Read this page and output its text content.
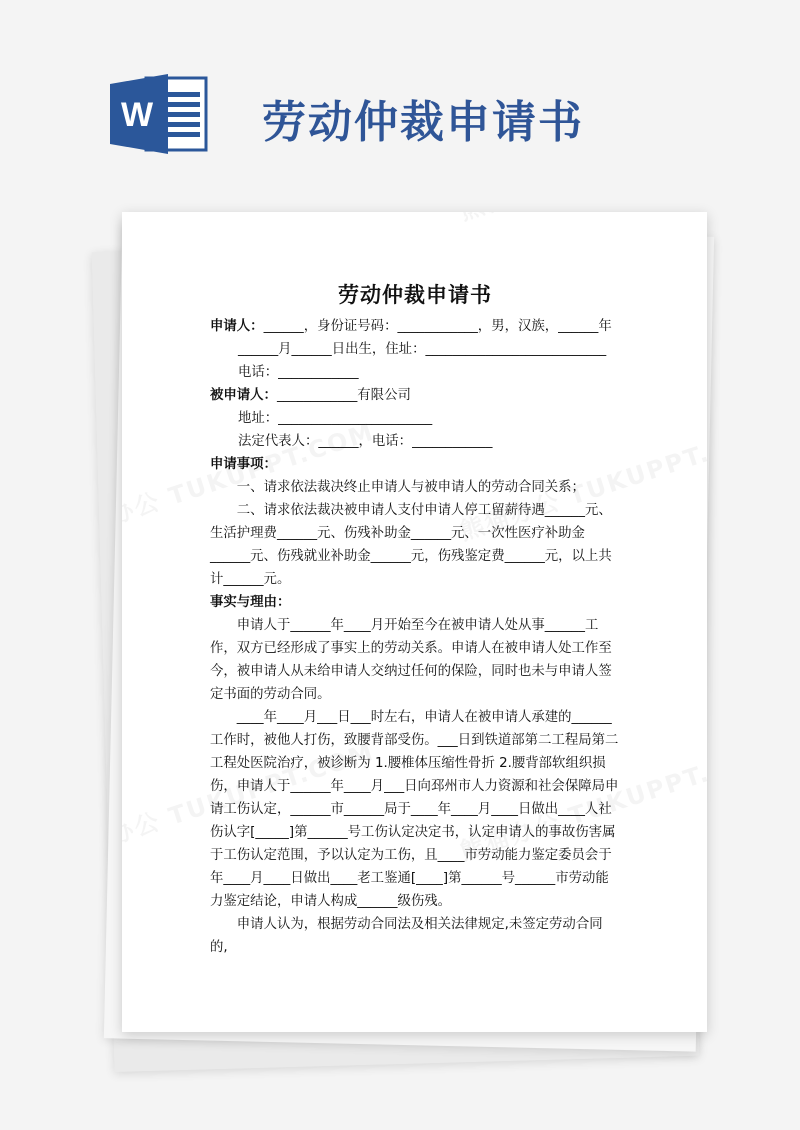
W 劳动仲裁申请书
劳动仲裁申请书

申请人：______，身份证号码：____________，男，汉族，______年

______月______日出生，住址：___________________________

电话：____________

被申请人：____________有限公司

地址：_______________________

法定代表人：______，电话：____________

申请事项：

一、请求依法裁决终止申请人与被申请人的劳动合同关系；

二、请求依法裁决被申请人支付申请人停工留薪待遇______元、生活护理费______元、伤残补助金______元、一次性医疗补助金______元、伤残就业补助金______元，伤残鉴定费______元，以上共计______元。

事实与理由：

申请人于______年____月开始至今在被申请人处从事______工作，双方已经形成了事实上的劳动关系。申请人在被申请人处工作至今，被申请人从未给申请人交纳过任何的保险，同时也未与申请人签定书面的劳动合同。

____年____月___日___时左右，申请人在被申请人承建的______工作时，被他人打伤，致腰背部受伤。___日到铁道部第二工程局第二工程处医院治疗，被诊断为 1.腰椎体压缩性骨折 2.腰背部软组织损伤，申请人于______年____月___日向邳州市人力资源和社会保障局申请工伤认定，______市______局于____年____月____日做出____人社伤认字[_____]第______号工伤认定决定书，认定申请人的事故伤害属于工伤认定范围，予以认定为工伤，且____市劳动能力鉴定委员会于年____月____日做出____老工鉴通[____]第______号______市劳动能力鉴定结论，申请人构成______级伤残。

申请人认为，根据劳动合同法及相关法律规定,未签定劳动合同的,
